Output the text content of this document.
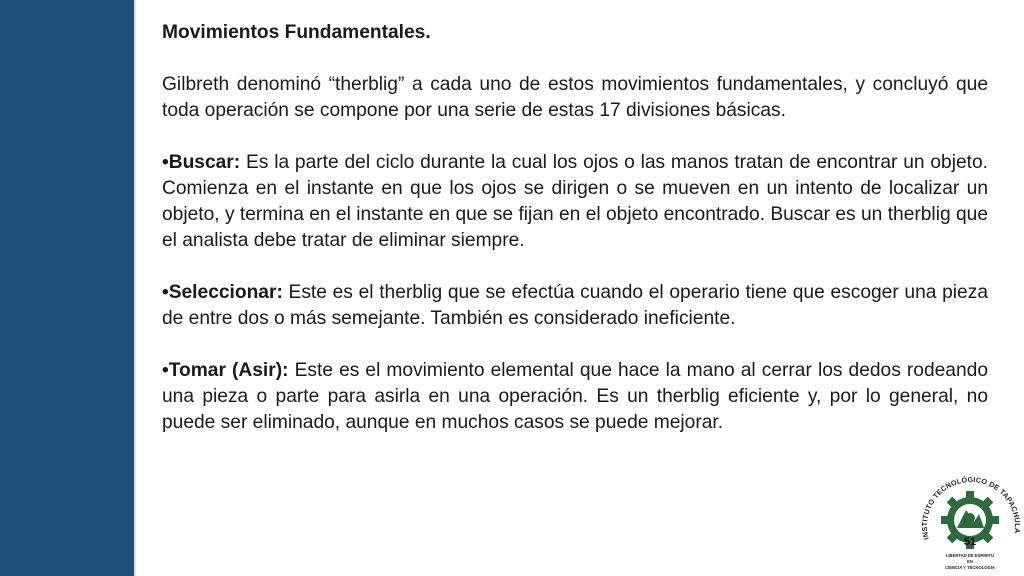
Movimientos Fundamentales.

Gilbreth denominó “therblig” a cada uno de estos movimientos fundamentales, y concluyó que toda operación se compone por una serie de estas 17 divisiones básicas.

•Buscar: Es la parte del ciclo durante la cual los ojos o las manos tratan de encontrar un objeto. Comienza en el instante en que los ojos se dirigen o se mueven en un intento de localizar un objeto, y termina en el instante en que se fijan en el objeto encontrado. Buscar es un therblig que el analista debe tratar de eliminar siempre.

•Seleccionar: Este es el therblig que se efectúa cuando el operario tiene que escoger una pieza de entre dos o más semejante. También es considerado ineficiente.

•Tomar (Asir): Este es el movimiento elemental que hace la mano al cerrar los dedos rodeando una pieza o parte para asirla en una operación. Es un therblig eficiente y, por lo general, no puede ser eliminado, aunque en muchos casos se puede mejorar.

INSTITUTO TECNOLÓGICO DE TAPACHULA
51
LIBERTAD DE ESPIRITU
EN
CIENCIA Y TECNOLOGIA
